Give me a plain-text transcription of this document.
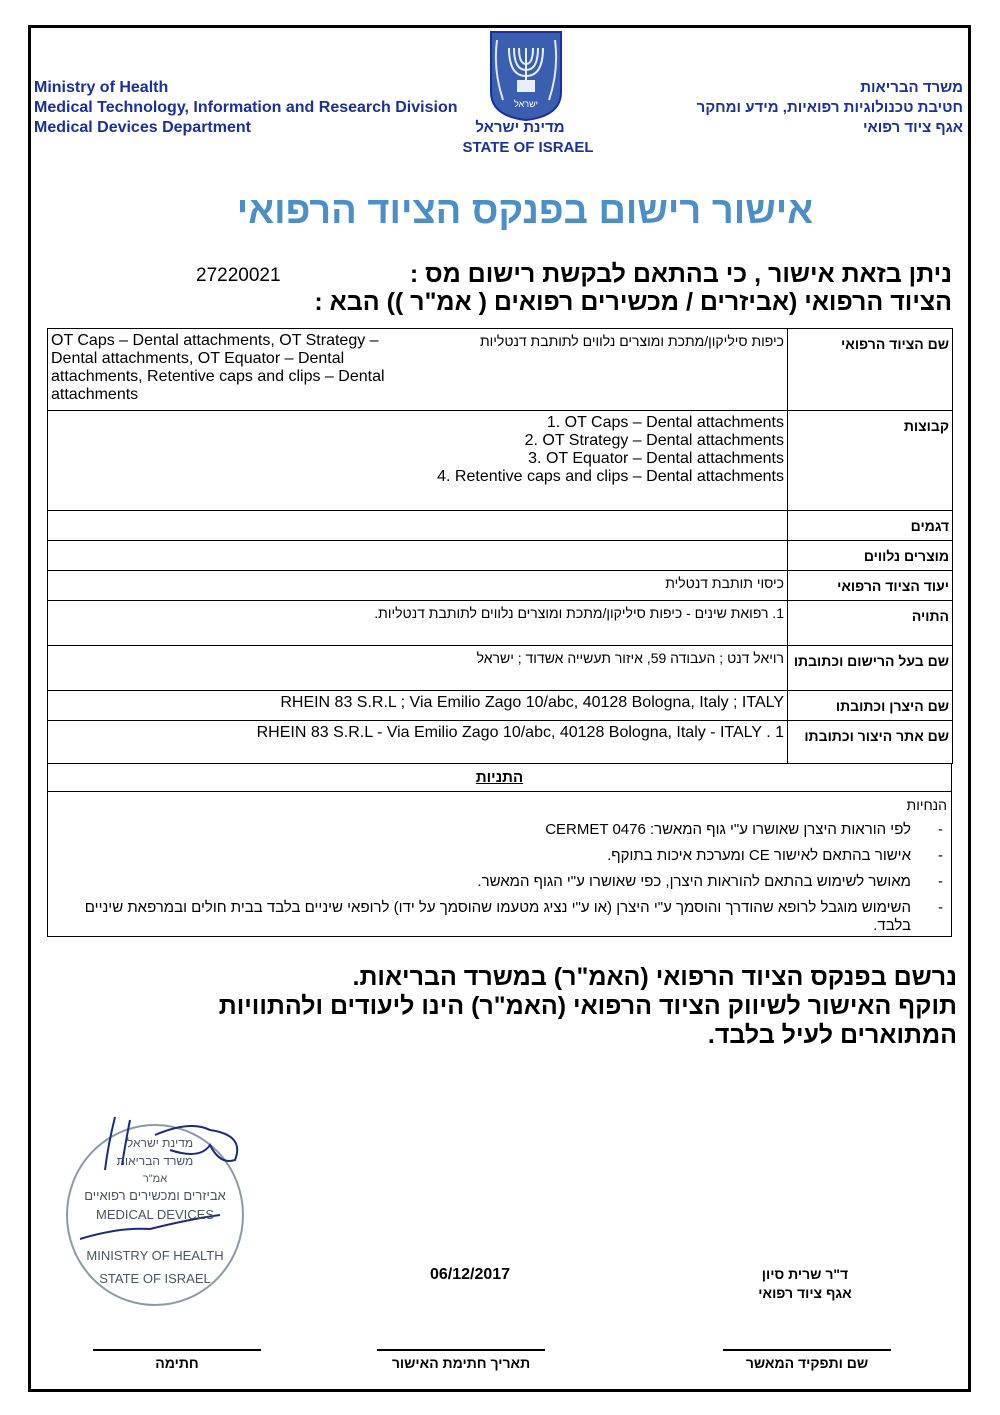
Ministry of Health
Medical Technology, Information and Research Division
Medical Devices Department
משרד הבריאות
חטיבת טכנולוגיות רפואיות, מידע ומחקר
אגף ציוד רפואי
ישראל
מדינת ישראל
STATE OF ISRAEL
אישור רישום בפנקס הציוד הרפואי
ניתן בזאת אישור , כי בהתאם לבקשת רישום מס :
27220021
הציוד הרפואי (אביזרים / מכשירים רפואים ( אמ"ר )) הבא :
שם הציוד הרפואי	כיפות סיליקון/מתכת ומוצרים נלווים לתותבת דנטליות
OT Caps – Dental attachments, OT Strategy – Dental attachments, OT Equator – Dental attachments, Retentive caps and clips – Dental attachments

קבוצות	1. OT Caps – Dental attachments
2. OT Strategy – Dental attachments
3. OT Equator – Dental attachments
4. Retentive caps and clips – Dental attachments

דגמים	
מוצרים נלווים	
יעוד הציוד הרפואי	כיסוי תותבת דנטלית
התויה	1. רפואת שינים - כיפות סיליקון/מתכת ומוצרים נלווים לתותבת דנטליות.
שם בעל הרישום וכתובתו	רויאל דנט ; העבודה 59, איזור תעשייה אשדוד ; ישראל
שם היצרן וכתובתו	RHEIN 83 S.R.L ; Via Emilio Zago 10/abc, 40128 Bologna, Italy ; ITALY
שם אתר היצור וכתובתו	RHEIN 83 S.R.L - Via Emilio Zago 10/abc, 40128 Bologna, Italy - ITALY . 1
התניות
הנחיות
- לפי הוראות היצרן שאושרו ע"י גוף המאשר: CERMET 0476
- אישור בהתאם לאישור CE ומערכת איכות בתוקף.
- מאושר לשימוש בהתאם להוראות היצרן, כפי שאושרו ע"י הגוף המאשר.
- השימוש מוגבל לרופא שהודרך והוסמך ע"י היצרן (או ע"י נציג מטעמו שהוסמך על ידו) לרופאי שיניים בלבד בבית חולים ובמרפאת שיניים בלבד.
נרשם בפנקס הציוד הרפואי (האמ"ר) במשרד הבריאות.
תוקף האישור לשיווק הציוד הרפואי (האמ"ר) הינו ליעודים ולהתוויות המתוארים לעיל בלבד.
מדינת ישראל
משרד הבריאות
אמ"ר
אביזרים ומכשירים רפואיים
MEDICAL DEVICES
MINISTRY OF HEALTH
STATE OF ISRAEL	06/12/2017	ד"ר שרית סיון
אגף ציוד רפואי
חתימה	תאריך חתימת האישור	שם ותפקיד המאשר
